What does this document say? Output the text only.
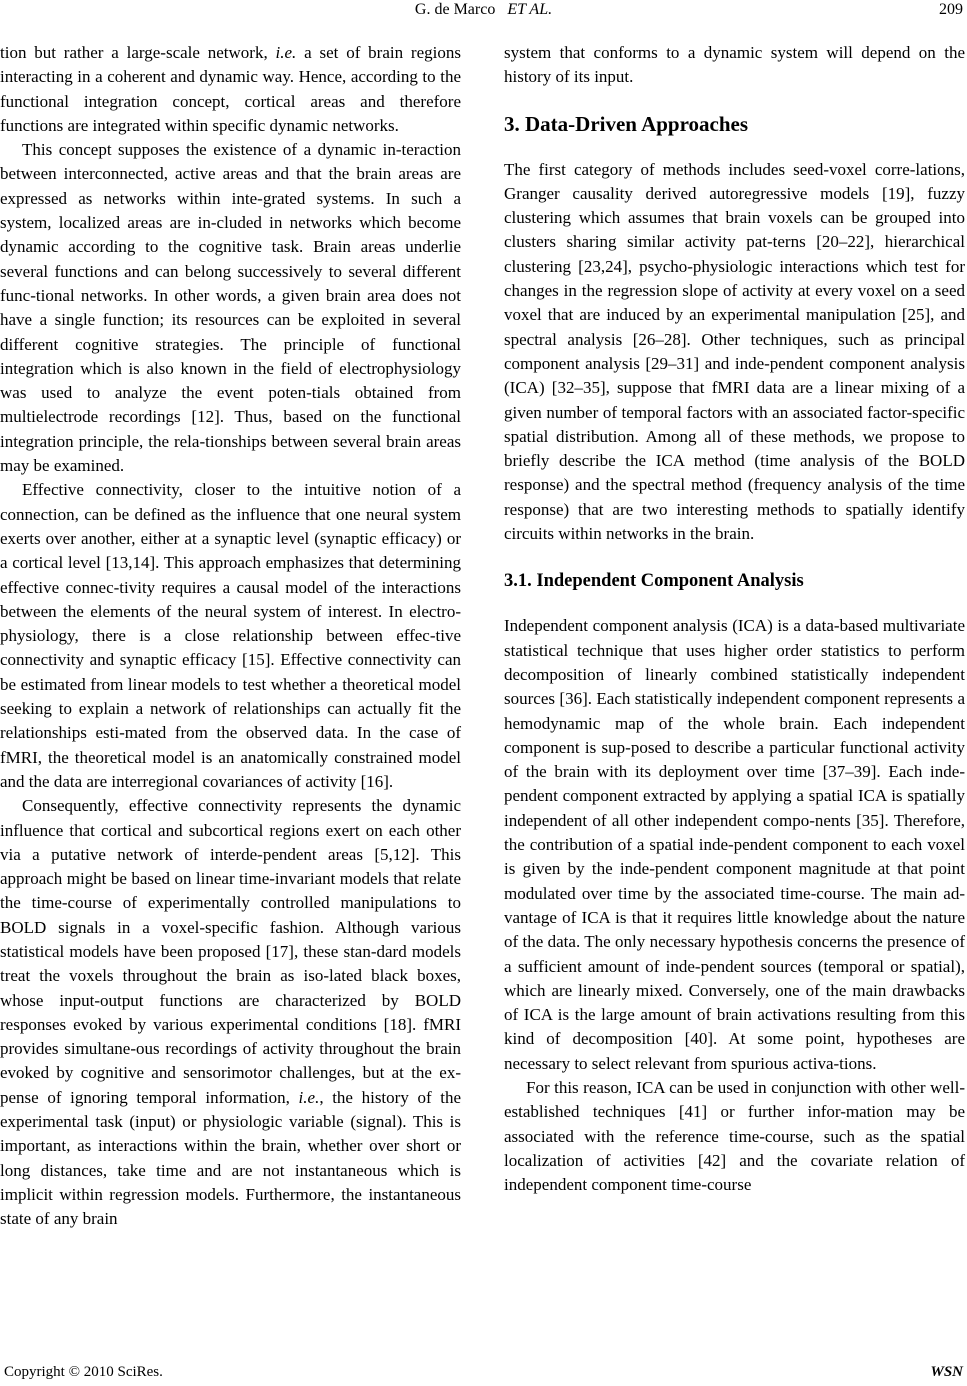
G. de Marco ET AL.	209

tion but rather a large-scale network, i.e. a set of brain regions interacting in a coherent and dynamic way. Hence, according to the functional integration concept, cortical areas and therefore functions are integrated within specific dynamic networks.

This concept supposes the existence of a dynamic in-teraction between interconnected, active areas and that the brain areas are expressed as networks within inte-grated systems. In such a system, localized areas are in-cluded in networks which become dynamic according to the cognitive task. Brain areas underlie several functions and can belong successively to several different func-tional networks. In other words, a given brain area does not have a single function; its resources can be exploited in several different cognitive strategies. The principle of functional integration which is also known in the field of electrophysiology was used to analyze the event poten-tials obtained from multielectrode recordings [12]. Thus, based on the functional integration principle, the rela-tionships between several brain areas may be examined.

Effective connectivity, closer to the intuitive notion of a connection, can be defined as the influence that one neural system exerts over another, either at a synaptic level (synaptic efficacy) or a cortical level [13,14]. This approach emphasizes that determining effective connec-tivity requires a causal model of the interactions between the elements of the neural system of interest. In electro-physiology, there is a close relationship between effec-tive connectivity and synaptic efficacy [15]. Effective connectivity can be estimated from linear models to test whether a theoretical model seeking to explain a network of relationships can actually fit the relationships esti-mated from the observed data. In the case of fMRI, the theoretical model is an anatomically constrained model and the data are interregional covariances of activity [16].

Consequently, effective connectivity represents the dynamic influence that cortical and subcortical regions exert on each other via a putative network of interde-pendent areas [5,12]. This approach might be based on linear time-invariant models that relate the time-course of experimentally controlled manipulations to BOLD signals in a voxel-specific fashion. Although various statistical models have been proposed [17], these stan-dard models treat the voxels throughout the brain as iso-lated black boxes, whose input-output functions are characterized by BOLD responses evoked by various experimental conditions [18]. fMRI provides simultane-ous recordings of activity throughout the brain evoked by cognitive and sensorimotor challenges, but at the ex-pense of ignoring temporal information, i.e., the history of the experimental task (input) or physiologic variable (signal). This is important, as interactions within the brain, whether over short or long distances, take time and are not instantaneous which is implicit within regression models. Furthermore, the instantaneous state of any brain

system that conforms to a dynamic system will depend on the history of its input.

3. Data-Driven Approaches

The first category of methods includes seed-voxel corre-lations, Granger causality derived autoregressive models [19], fuzzy clustering which assumes that brain voxels can be grouped into clusters sharing similar activity pat-terns [20–22], hierarchical clustering [23,24], psycho-physiologic interactions which test for changes in the regression slope of activity at every voxel on a seed voxel that are induced by an experimental manipulation [25], and spectral analysis [26–28]. Other techniques, such as principal component analysis [29–31] and inde-pendent component analysis (ICA) [32–35], suppose that fMRI data are a linear mixing of a given number of temporal factors with an associated factor-specific spatial distribution. Among all of these methods, we propose to briefly describe the ICA method (time analysis of the BOLD response) and the spectral method (frequency analysis of the time response) that are two interesting methods to spatially identify circuits within networks in the brain.

3.1. Independent Component Analysis

Independent component analysis (ICA) is a data-based multivariate statistical technique that uses higher order statistics to perform decomposition of linearly combined statistically independent sources [36]. Each statistically independent component represents a hemodynamic map of the whole brain. Each independent component is sup-posed to describe a particular functional activity of the brain with its deployment over time [37–39]. Each inde-pendent component extracted by applying a spatial ICA is spatially independent of all other independent compo-nents [35]. Therefore, the contribution of a spatial inde-pendent component to each voxel is given by the inde-pendent component magnitude at that point modulated over time by the associated time-course. The main ad-vantage of ICA is that it requires little knowledge about the nature of the data. The only necessary hypothesis concerns the presence of a sufficient amount of inde-pendent sources (temporal or spatial), which are linearly mixed. Conversely, one of the main drawbacks of ICA is the large amount of brain activations resulting from this kind of decomposition [40]. At some point, hypotheses are necessary to select relevant from spurious activa-tions.

For this reason, ICA can be used in conjunction with other well-established techniques [41] or further infor-mation may be associated with the reference time-course, such as the spatial localization of activities [42] and the covariate relation of independent component time-course

Copyright © 2010 SciRes.	WSN
